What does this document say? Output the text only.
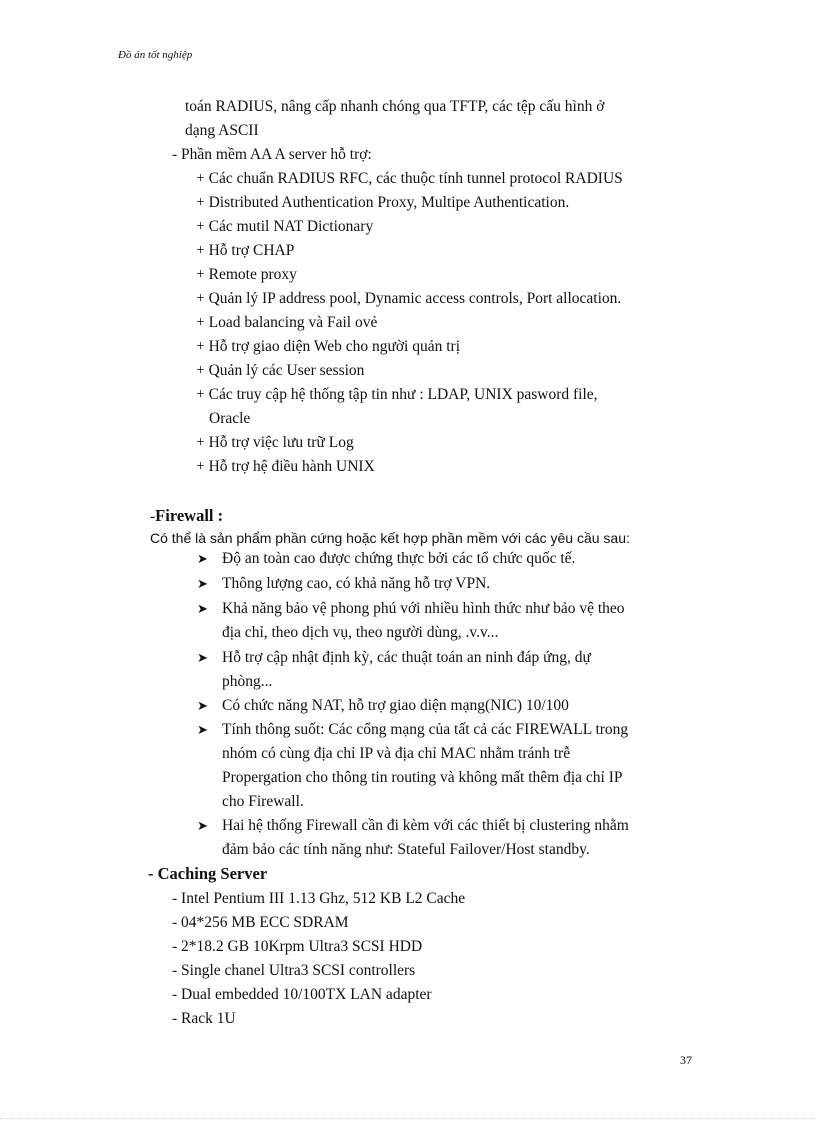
Đồ án tốt nghiệp
toán RADIUS, nâng cấp nhanh chóng qua TFTP, các tệp cấu hình ở
dạng ASCII
- Phần mềm AA A server hỗ trợ:
+ Các chuẩn RADIUS RFC, các thuộc tính tunnel protocol RADIUS
+ Distributed Authentication Proxy, Multipe Authentication.
+ Các mutil NAT Dictionary
+ Hỗ trợ CHAP
+ Remote proxy
+ Quản lý IP address pool, Dynamic access controls, Port allocation.
+ Load balancing và Fail ovẻ
+ Hỗ trợ giao diện Web cho người quản trị
+ Quản lý các User session
+ Các truy cập hệ thống tập tin như : LDAP, UNIX pasword file,
Oracle
+ Hỗ trợ việc lưu trữ Log
+ Hỗ trợ hệ điều hành UNIX
-Firewall :
Có thể là sản phẩm phần cứng hoặc kết hợp phần mềm với các yêu cầu sau:
➤ Độ an toàn cao được chứng thực bởi các tổ chức quốc tế.
➤ Thông lượng cao, có khả năng hỗ trợ VPN.
➤ Khả năng bảo vệ phong phú với nhiều hình thức như bảo vệ theo
địa chỉ, theo dịch vụ, theo người dùng, .v.v...
➤ Hỗ trợ cập nhật định kỳ, các thuật toán an ninh đáp ứng, dự
phòng...
➤ Có chức năng NAT, hỗ trợ giao diện mạng(NIC) 10/100
➤ Tính thông suốt: Các cổng mạng của tất cả các FIREWALL trong
nhóm có cùng địa chỉ IP và địa chỉ MAC nhằm tránh trễ
Propergation cho thông tin routing và không mất thêm địa chỉ IP
cho Firewall.
➤ Hai hệ thống Firewall cần đi kèm với các thiết bị clustering nhằm
đảm bảo các tính năng như: Stateful Failover/Host standby.
- Caching Server
- Intel Pentium III 1.13 Ghz, 512 KB L2 Cache
- 04*256 MB ECC SDRAM
- 2*18.2 GB 10Krpm Ultra3 SCSI HDD
- Single chanel Ultra3 SCSI controllers
- Dual embedded 10/100TX LAN adapter
- Rack 1U
37
